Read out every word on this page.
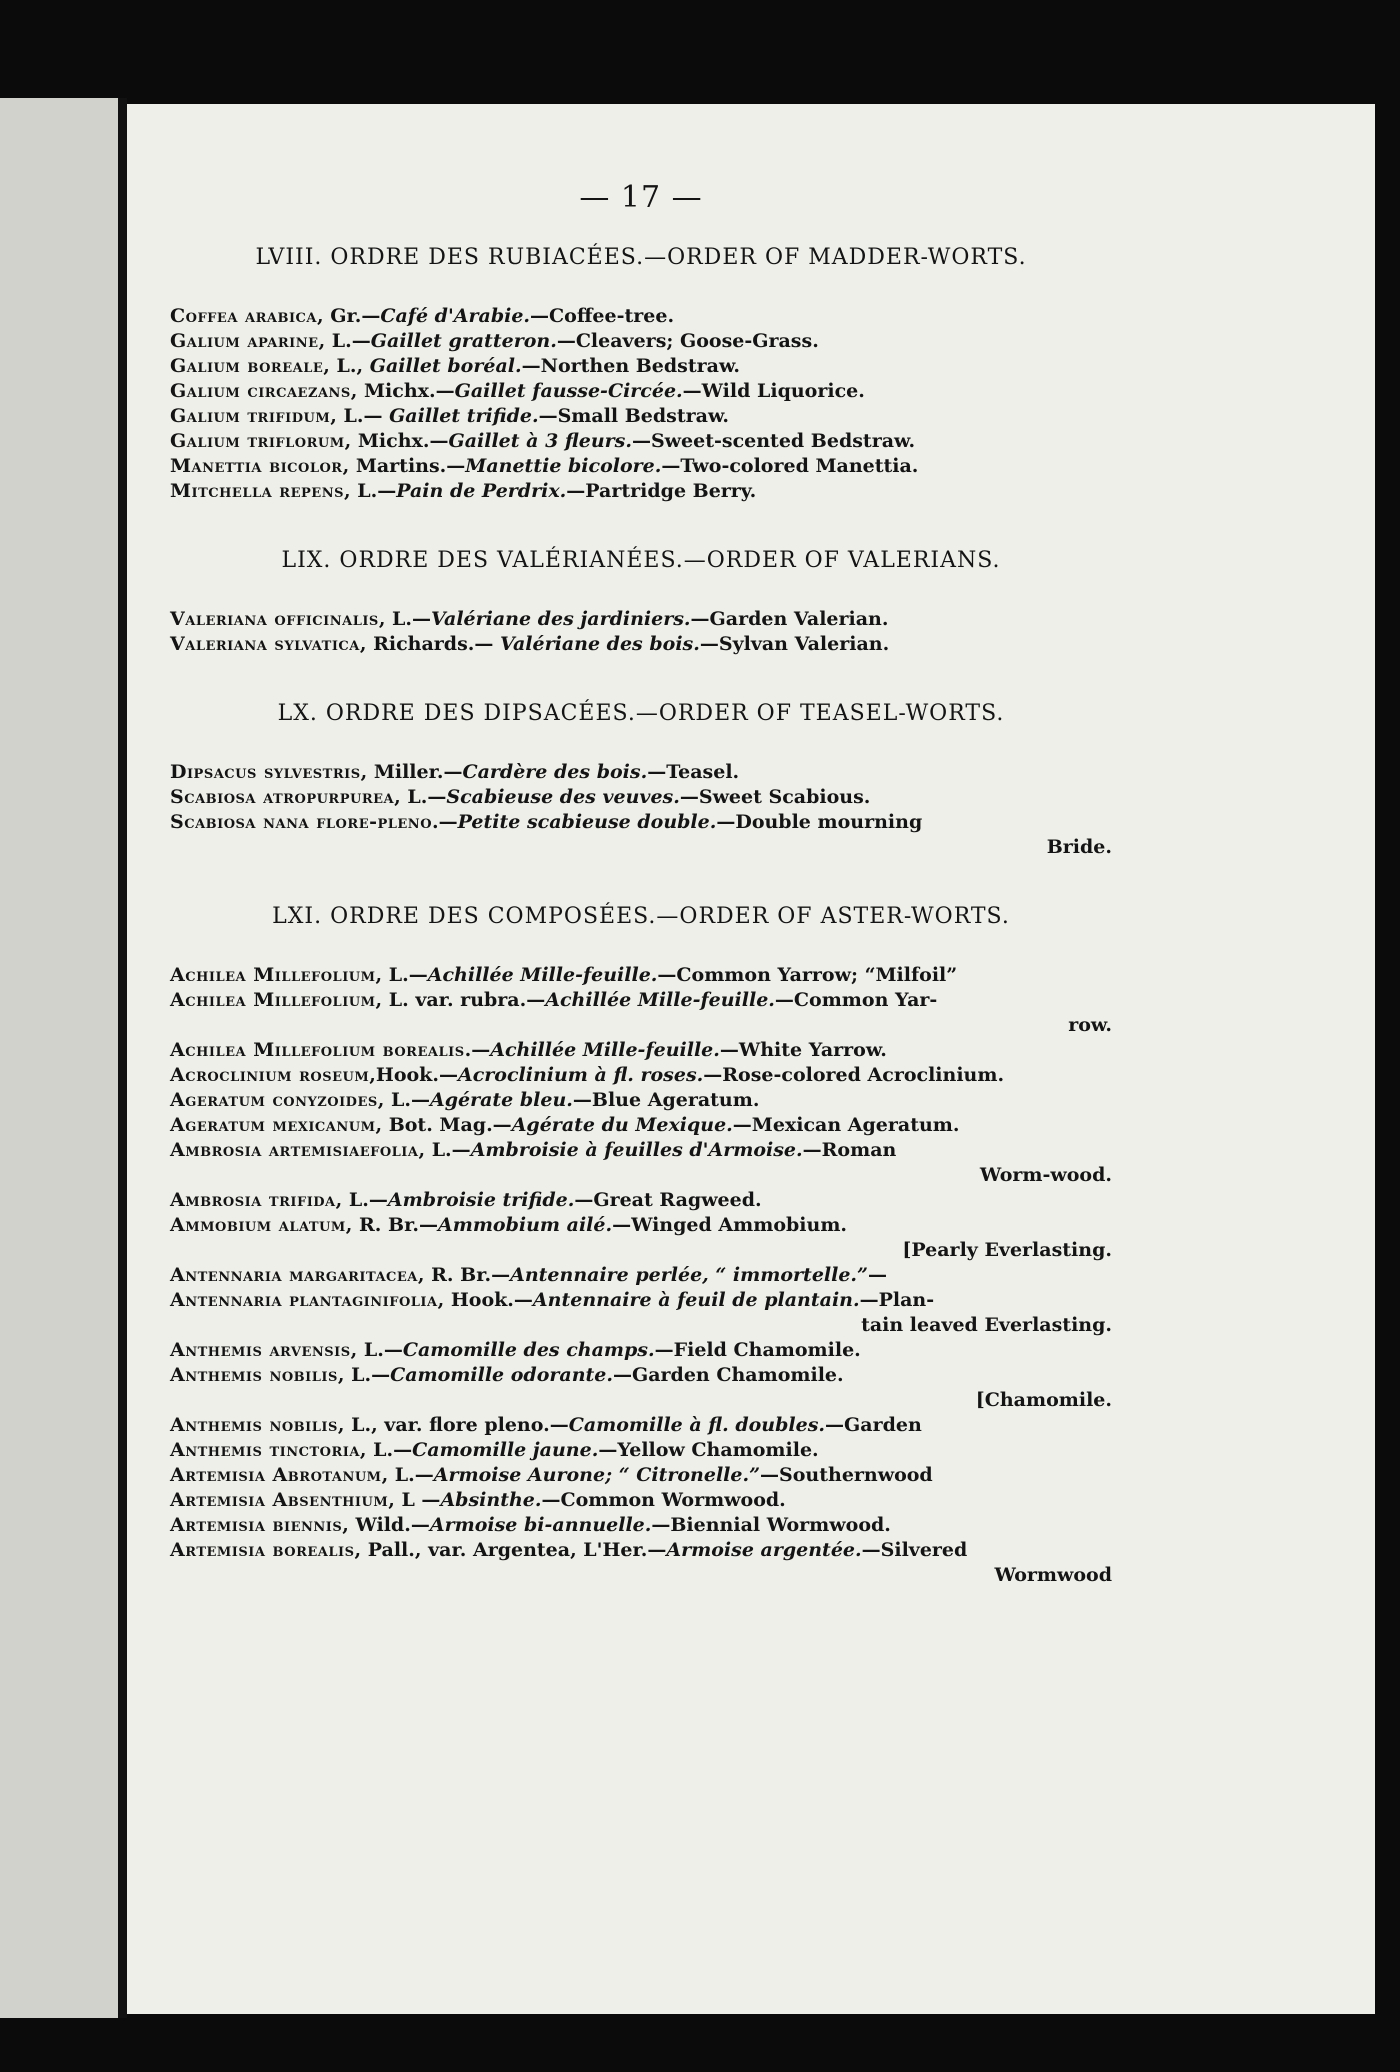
— 17 —
LVIII. ORDRE DES RUBIACÉES.—ORDER OF MADDER-WORTS.
Coffea arabica, Gr.—Café d'Arabie.—Coffee-tree.
Galium aparine, L.—Gaillet gratteron.—Cleavers; Goose-Grass.
Galium boreale, L., Gaillet boréal.—Northen Bedstraw.
Galium circaezans, Michx.—Gaillet fausse-Circée.—Wild Liquorice.
Galium trifidum, L.— Gaillet trifide.—Small Bedstraw.
Galium triflorum, Michx.—Gaillet à 3 fleurs.—Sweet-scented Bedstraw.
Manettia bicolor, Martins.—Manettie bicolore.—Two-colored Manettia.
Mitchella repens, L.—Pain de Perdrix.—Partridge Berry.
LIX. ORDRE DES VALÉRIANÉES.—ORDER OF VALERIANS.
Valeriana officinalis, L.—Valériane des jardiniers.—Garden Valerian.
Valeriana sylvatica, Richards.— Valériane des bois.—Sylvan Valerian.
LX. ORDRE DES DIPSACÉES.—ORDER OF TEASEL-WORTS.
Dipsacus sylvestris, Miller.—Cardère des bois.—Teasel.
Scabiosa atropurpurea, L.—Scabieuse des veuves.—Sweet Scabious.
Scabiosa nana flore-pleno.—Petite scabieuse double.—Double mourning
Bride.
LXI. ORDRE DES COMPOSÉES.—ORDER OF ASTER-WORTS.
Achilea Millefolium, L.—Achillée Mille-feuille.—Common Yarrow; “Milfoil”
Achilea Millefolium, L. var. rubra.—Achillée Mille-feuille.—Common Yar-
row.
Achilea Millefolium borealis.—Achillée Mille-feuille.—White Yarrow.
Acroclinium roseum,Hook.—Acroclinium à fl. roses.—Rose-colored Acroclinium.
Ageratum conyzoides, L.—Agérate bleu.—Blue Ageratum.
Ageratum mexicanum, Bot. Mag.—Agérate du Mexique.—Mexican Ageratum.
Ambrosia artemisiaefolia, L.—Ambroisie à feuilles d'Armoise.—Roman
Worm-wood.
Ambrosia trifida, L.—Ambroisie trifide.—Great Ragweed.
Ammobium alatum, R. Br.—Ammobium ailé.—Winged Ammobium.
[Pearly Everlasting.
Antennaria margaritacea, R. Br.—Antennaire perlée, “ immortelle.”—
Antennaria plantaginifolia, Hook.—Antennaire à feuil de plantain.—Plan-
tain leaved Everlasting.
Anthemis arvensis, L.—Camomille des champs.—Field Chamomile.
Anthemis nobilis, L.—Camomille odorante.—Garden Chamomile.
[Chamomile.
Anthemis nobilis, L., var. flore pleno.—Camomille à fl. doubles.—Garden
Anthemis tinctoria, L.—Camomille jaune.—Yellow Chamomile.
Artemisia Abrotanum, L.—Armoise Aurone; “ Citronelle.”—Southernwood
Artemisia Absenthium, L —Absinthe.—Common Wormwood.
Artemisia biennis, Wild.—Armoise bi-annuelle.—Biennial Wormwood.
Artemisia borealis, Pall., var. Argentea, L'Her.—Armoise argentée.—Silvered
Wormwood
